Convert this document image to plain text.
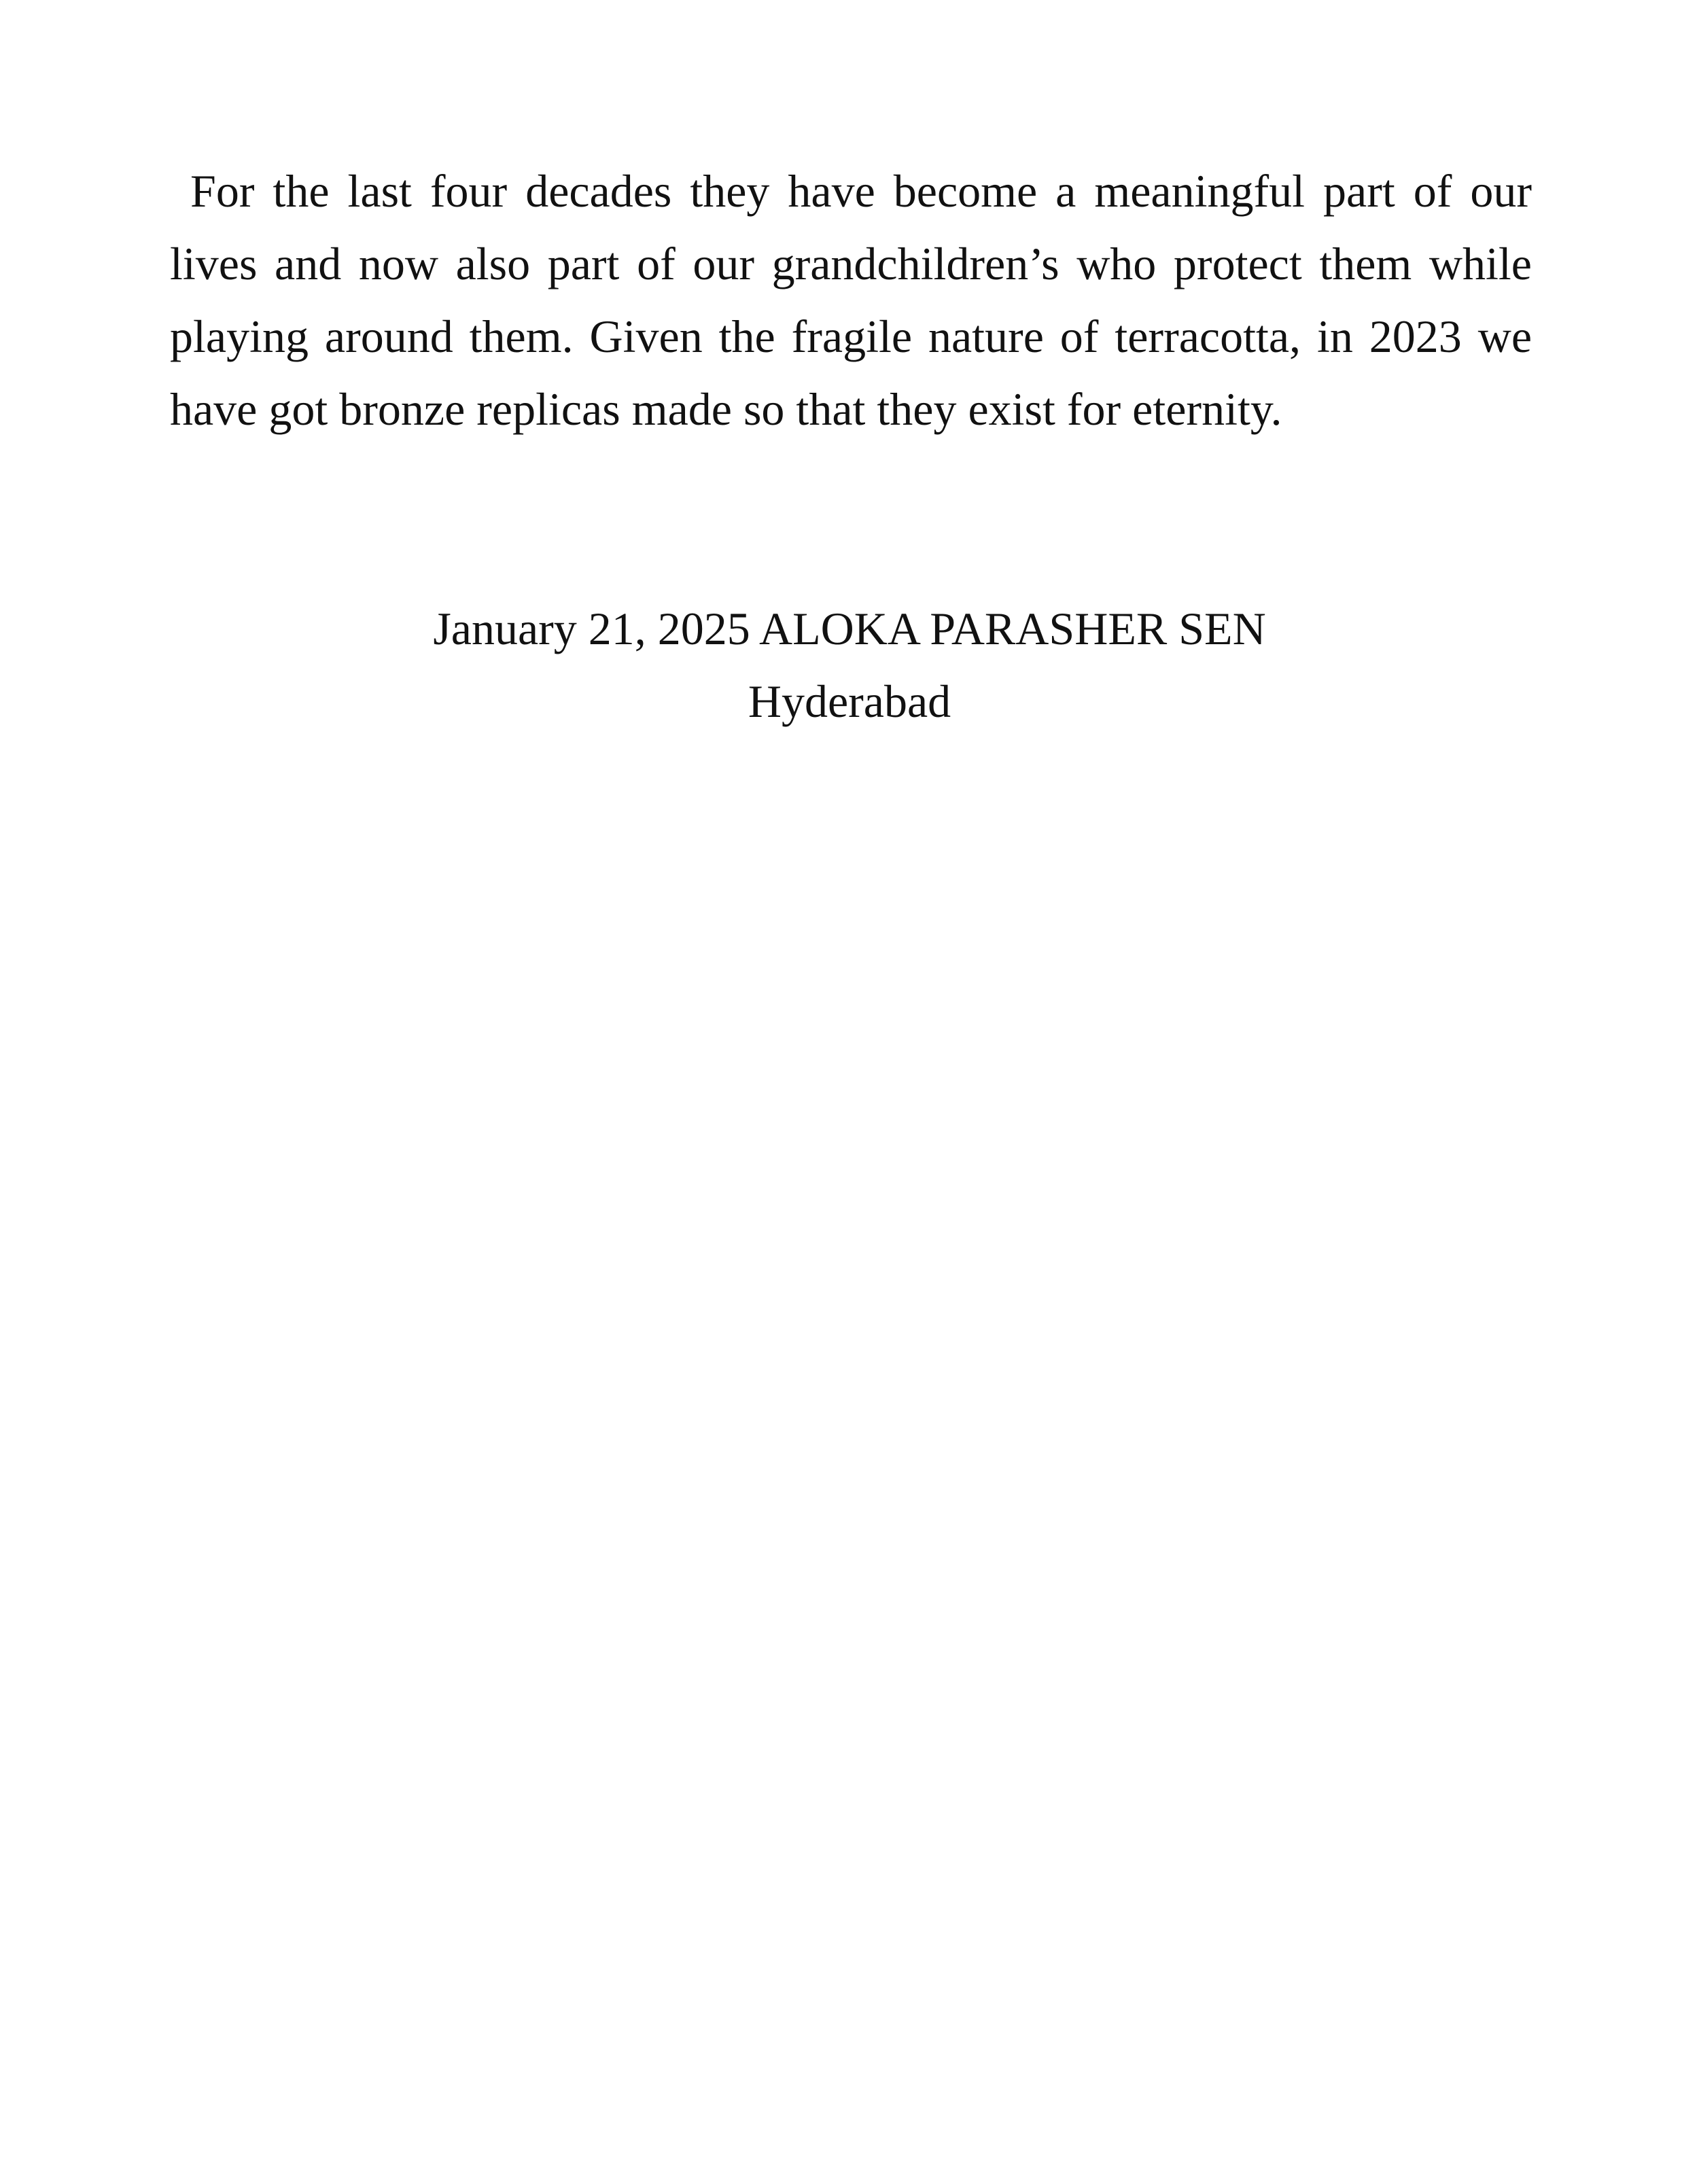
For the last four decades they have become a meaningful part of our lives and now also part of our grandchildren’s who protect them while playing around them. Given the fragile nature of terracotta, in 2023 we have got bronze replicas made so that they exist for eternity.

January 21, 2025 ALOKA PARASHER SEN
Hyderabad
